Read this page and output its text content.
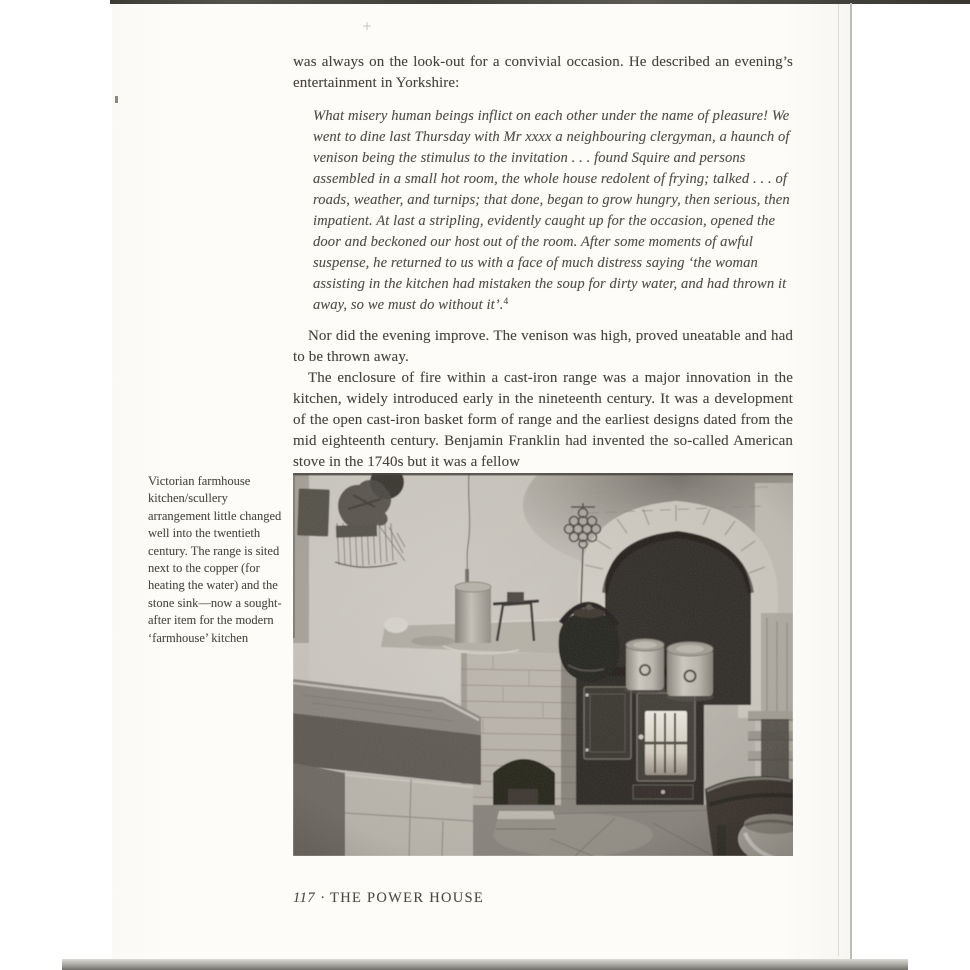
+

was always on the look-out for a convivial occasion. He described an evening’s entertainment in Yorkshire:

What misery human beings inflict on each other under the name of pleasure! We went to dine last Thursday with Mr xxxx a neighbouring clergyman, a haunch of venison being the stimulus to the invitation . . . found Squire and persons assembled in a small hot room, the whole house redolent of frying; talked . . . of roads, weather, and turnips; that done, began to grow hungry, then serious, then impatient. At last a stripling, evidently caught up for the occasion, opened the door and beckoned our host out of the room. After some moments of awful suspense, he returned to us with a face of much distress saying ‘the woman assisting in the kitchen had mistaken the soup for dirty water, and had thrown it away, so we must do without it’.$^4$

Nor did the evening improve. The venison was high, proved uneatable and had to be thrown away.

The enclosure of fire within a cast-iron range was a major innovation in the kitchen, widely introduced early in the nineteenth century. It was a development of the open cast-iron basket form of range and the earliest designs dated from the mid eighteenth century. Benjamin Franklin had invented the so-called American stove in the 1740s but it was a fellow

Victorian farmhouse kitchen/scullery arrangement little changed well into the twentieth century. The range is sited next to the copper (for heating the water) and the stone sink—now a sought-after item for the modern ‘farmhouse’ kitchen
117 · THE POWER HOUSE
